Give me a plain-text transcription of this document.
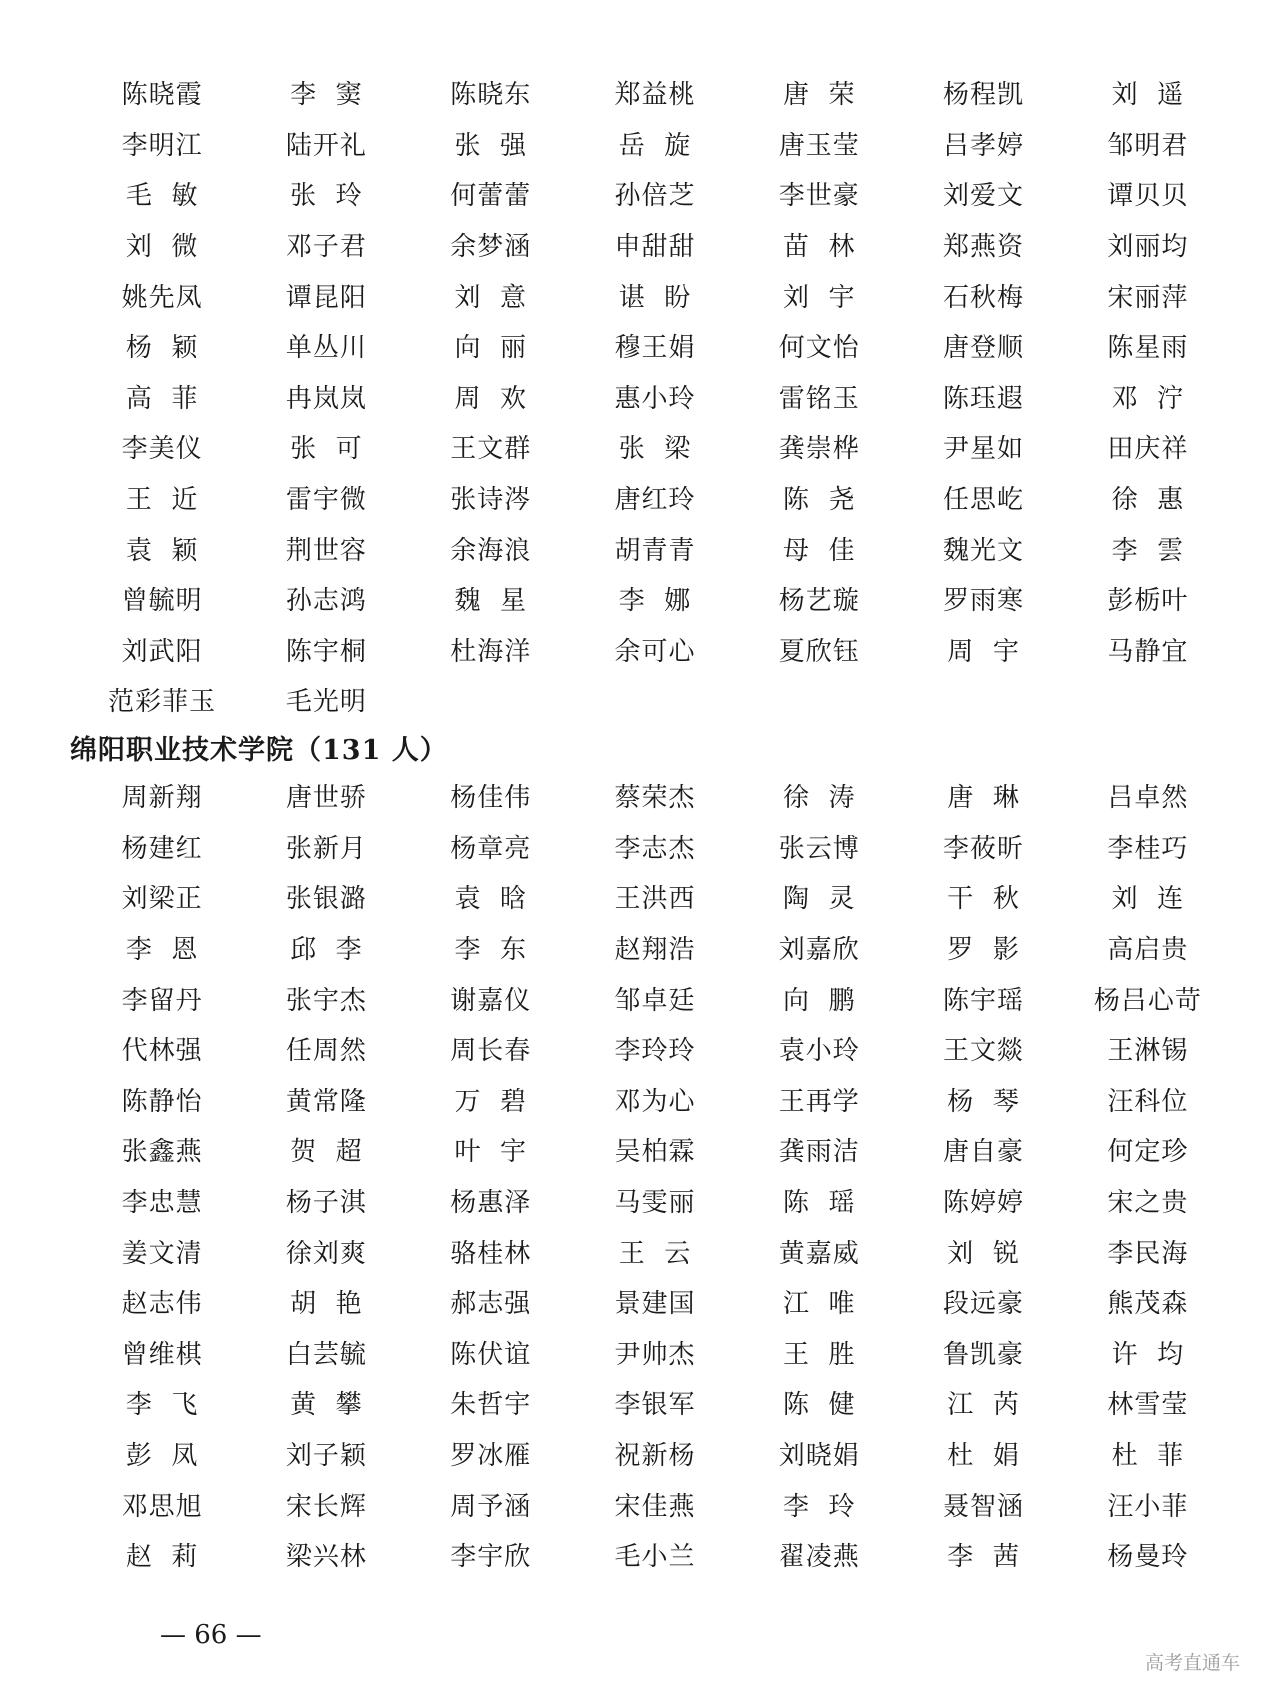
陈晓霞	李  窦	陈晓东	郑益桃	唐  荣	杨程凯	刘  遥
李明江	陆开礼	张  强	岳  旋	唐玉莹	吕孝婷	邹明君
毛  敏	张  玲	何蕾蕾	孙倍芝	李世豪	刘爱文	谭贝贝
刘  微	邓子君	余梦涵	申甜甜	苗  林	郑燕资	刘丽均
姚先凤	谭昆阳	刘  意	谌  盼	刘  宇	石秋梅	宋丽萍
杨  颖	单丛川	向  丽	穆王娟	何文怡	唐登顺	陈星雨
高  菲	冉岚岚	周  欢	惠小玲	雷铭玉	陈珏遐	邓  泞
李美仪	张  可	王文群	张  梁	龚崇桦	尹星如	田庆祥
王  近	雷宇微	张诗涔	唐红玲	陈  尧	任思屹	徐  惠
袁  颖	荆世容	余海浪	胡青青	母  佳	魏光文	李  雲
曾毓明	孙志鸿	魏  星	李  娜	杨艺璇	罗雨寒	彭栃叶
刘武阳	陈宇桐	杜海洋	余可心	夏欣钰	周  宇	马静宜
范彩菲玉	毛光明
绵阳职业技术学院（131 人）
周新翔	唐世骄	杨佳伟	蔡荣杰	徐  涛	唐  琳	吕卓然
杨建红	张新月	杨章亮	李志杰	张云博	李莜昕	李桂巧
刘梁正	张银潞	袁  晗	王洪西	陶  灵	干  秋	刘  连
李  恩	邱  李	李  东	赵翔浩	刘嘉欣	罗  影	高启贵
李留丹	张宇杰	谢嘉仪	邹卓廷	向  鹏	陈宇瑶	杨吕心苛
代林强	任周然	周长春	李玲玲	袁小玲	王文燚	王淋锡
陈静怡	黄常隆	万  碧	邓为心	王再学	杨  琴	汪科位
张鑫燕	贺  超	叶  宇	吴柏霖	龚雨洁	唐自豪	何定珍
李忠慧	杨子淇	杨惠泽	马雯丽	陈  瑶	陈婷婷	宋之贵
姜文清	徐刘爽	骆桂林	王  云	黄嘉威	刘  锐	李民海
赵志伟	胡  艳	郝志强	景建国	江  唯	段远豪	熊茂森
曾维棋	白芸毓	陈伏谊	尹帅杰	王  胜	鲁凯豪	许  均
李  飞	黄  攀	朱哲宇	李银军	陈  健	江  芮	林雪莹
彭  凤	刘子颖	罗冰雁	祝新杨	刘晓娟	杜  娟	杜  菲
邓思旭	宋长辉	周予涵	宋佳燕	李  玲	聂智涵	汪小菲
赵  莉	梁兴林	李宇欣	毛小兰	翟凌燕	李  茜	杨曼玲
— 66 —
高考直通车
